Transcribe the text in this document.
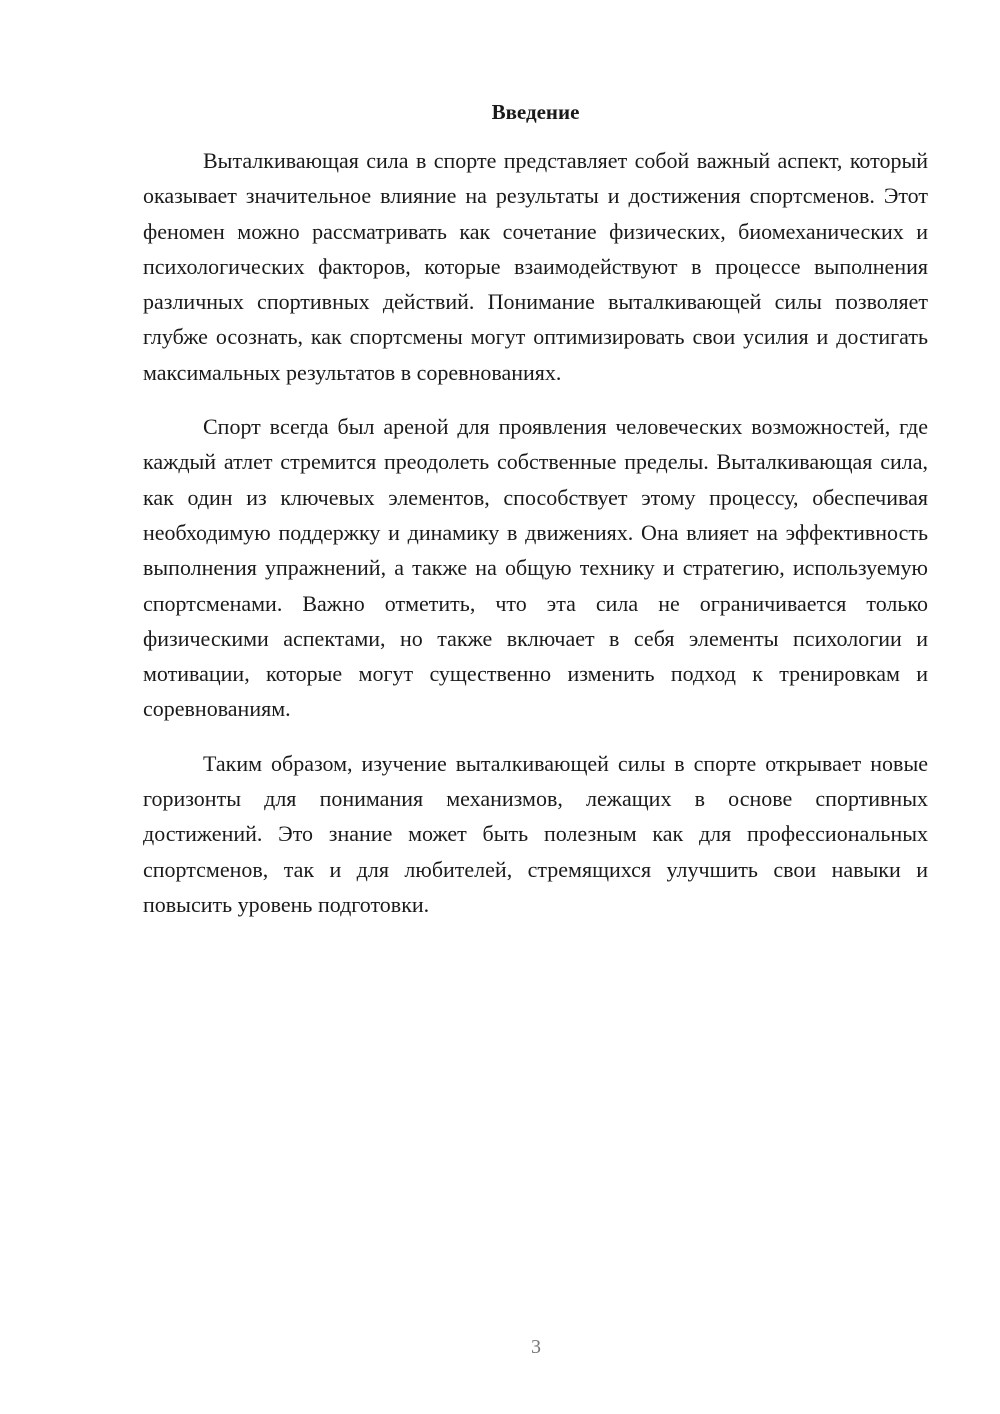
Введение

Выталкивающая сила в спорте представляет собой важный аспект, который оказывает значительное влияние на результаты и достижения спортсменов. Этот феномен можно рассматривать как сочетание физических, биомеханических и психологических факторов, которые взаимодействуют в процессе выполнения различных спортивных действий. Понимание выталкивающей силы позволяет глубже осознать, как спортсмены могут оптимизировать свои усилия и достигать максимальных результатов в соревнованиях.

Спорт всегда был ареной для проявления человеческих возможностей, где каждый атлет стремится преодолеть собственные пределы. Выталкивающая сила, как один из ключевых элементов, способствует этому процессу, обеспечивая необходимую поддержку и динамику в движениях. Она влияет на эффективность выполнения упражнений, а также на общую технику и стратегию, используемую спортсменами. Важно отметить, что эта сила не ограничивается только физическими аспектами, но также включает в себя элементы психологии и мотивации, которые могут существенно изменить подход к тренировкам и соревнованиям.

Таким образом, изучение выталкивающей силы в спорте открывает новые горизонты для понимания механизмов, лежащих в основе спортивных достижений. Это знание может быть полезным как для профессиональных спортсменов, так и для любителей, стремящихся улучшить свои навыки и повысить уровень подготовки.

3
